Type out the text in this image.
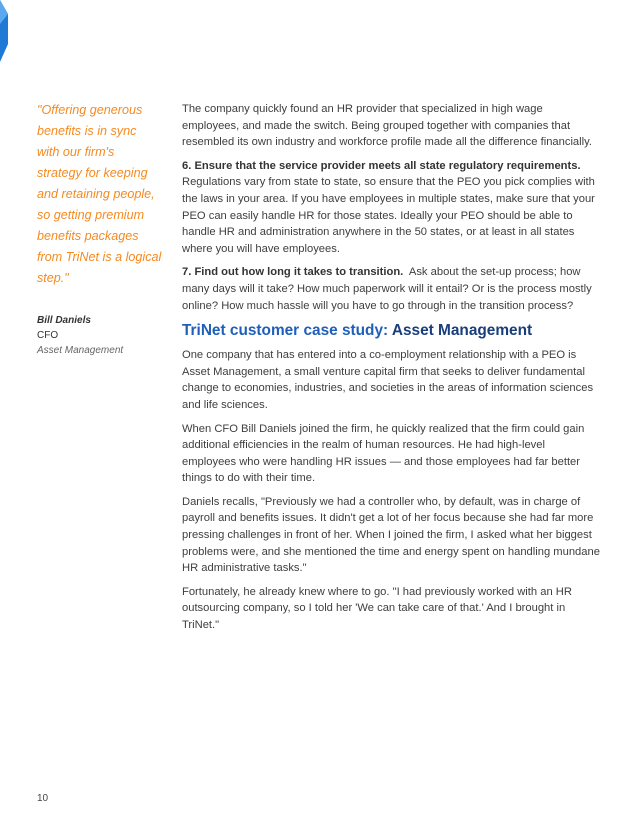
"Offering generous benefits is in sync with our firm's strategy for keeping and retaining people, so getting premium benefits packages from TriNet is a logical step."

Bill Daniels
CFO
Asset Management

The company quickly found an HR provider that specialized in high wage employees, and made the switch. Being grouped together with companies that resembled its own industry and workforce profile made all the difference financially.

6. Ensure that the service provider meets all state regulatory requirements.
Regulations vary from state to state, so ensure that the PEO you pick complies with the laws in your area. If you have employees in multiple states, make sure that your PEO can easily handle HR for those states. Ideally your PEO should be able to handle HR and administration anywhere in the 50 states, or at least in all states where you will have employees.

7. Find out how long it takes to transition. Ask about the set-up process; how many days will it take? How much paperwork will it entail? Or is the process mostly online? How much hassle will you have to go through in the transition process?

TriNet customer case study: Asset Management

One company that has entered into a co-employment relationship with a PEO is Asset Management, a small venture capital firm that seeks to deliver fundamental change to economies, industries, and societies in the areas of information sciences and life sciences.

When CFO Bill Daniels joined the firm, he quickly realized that the firm could gain additional efficiencies in the realm of human resources. He had high-level employees who were handling HR issues — and those employees had far better things to do with their time.

Daniels recalls, "Previously we had a controller who, by default, was in charge of payroll and benefits issues. It didn't get a lot of her focus because she had far more pressing challenges in front of her. When I joined the firm, I asked what her biggest problems were, and she mentioned the time and energy spent on handling mundane HR administrative tasks."

Fortunately, he already knew where to go. "I had previously worked with an HR outsourcing company, so I told her 'We can take care of that.' And I brought in TriNet."

10
